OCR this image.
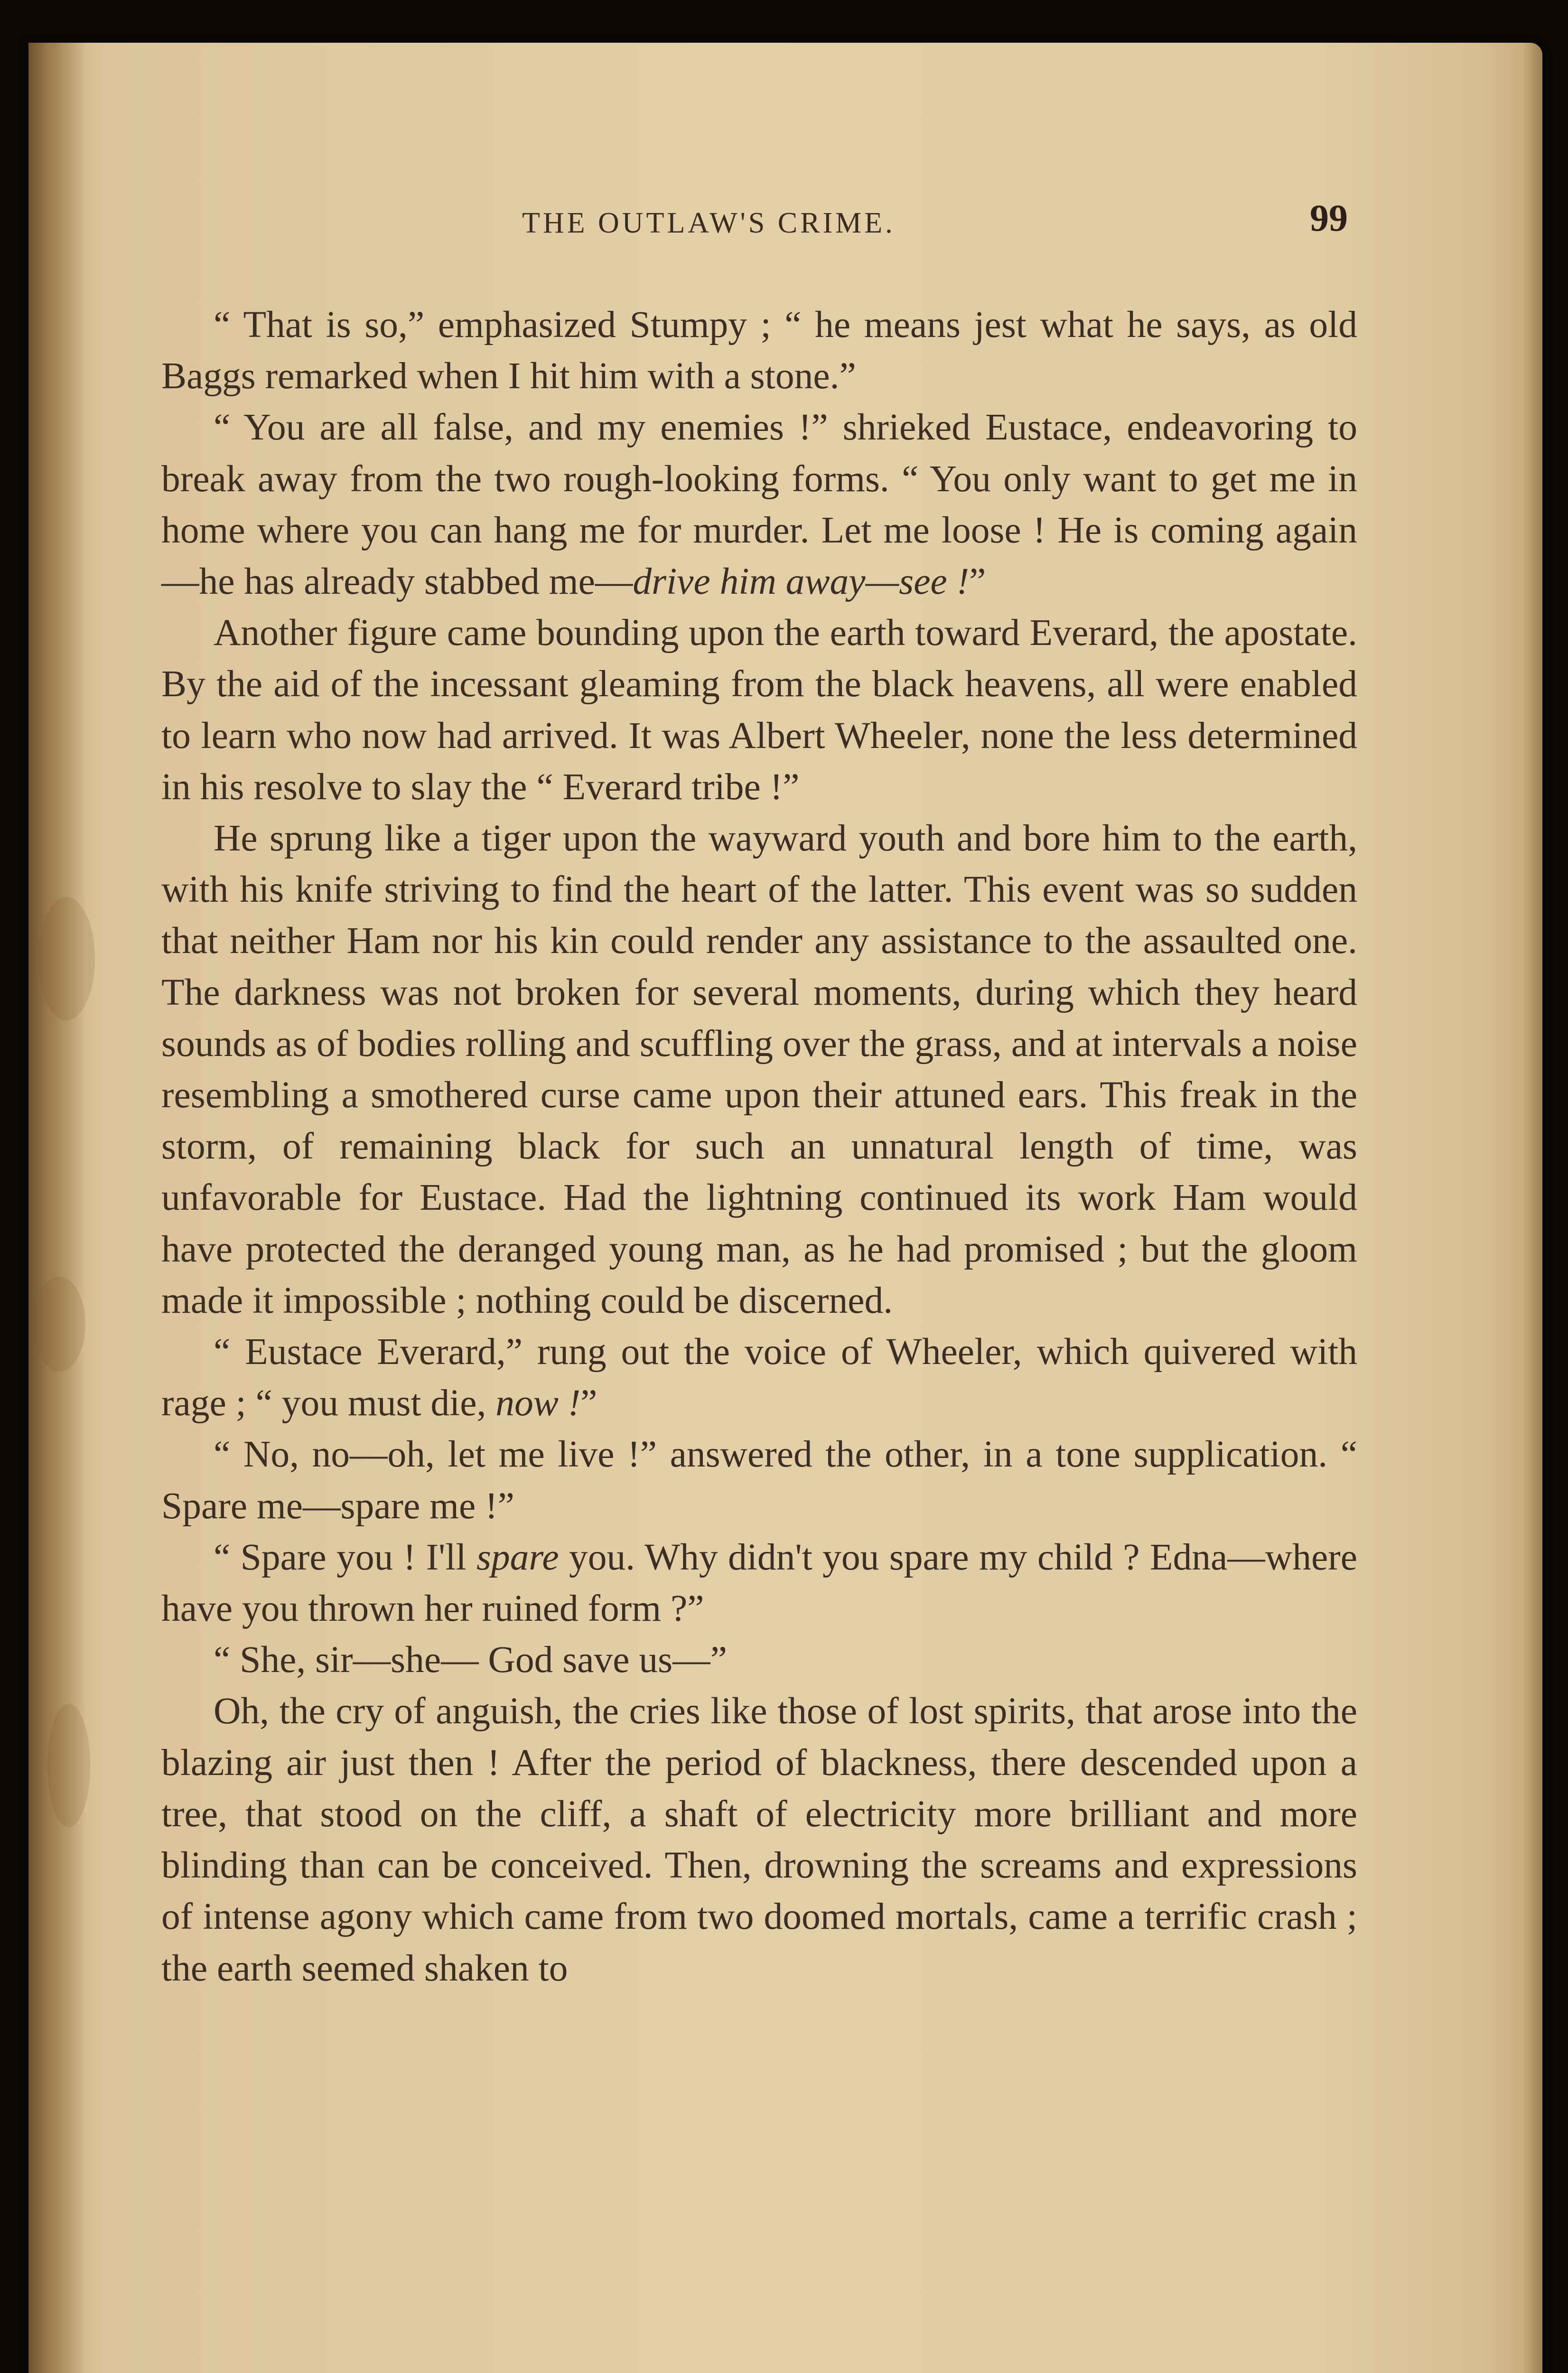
THE OUTLAW'S CRIME.	99

“ That is so,” emphasized Stumpy ; “ he means jest what he says, as old Baggs remarked when I hit him with a stone.”

“ You are all false, and my enemies !” shrieked Eustace, endeavoring to break away from the two rough-looking forms. “ You only want to get me in home where you can hang me for murder. Let me loose ! He is coming again—he has already stabbed me—drive him away—see !”

Another figure came bounding upon the earth toward Everard, the apostate. By the aid of the incessant gleaming from the black heavens, all were enabled to learn who now had arrived. It was Albert Wheeler, none the less determined in his resolve to slay the “ Everard tribe !”

He sprung like a tiger upon the wayward youth and bore him to the earth, with his knife striving to find the heart of the latter. This event was so sudden that neither Ham nor his kin could render any assistance to the assaulted one. The darkness was not broken for several moments, during which they heard sounds as of bodies rolling and scuffling over the grass, and at intervals a noise resembling a smothered curse came upon their attuned ears. This freak in the storm, of remaining black for such an unnatural length of time, was unfavorable for Eustace. Had the lightning continued its work Ham would have protected the deranged young man, as he had promised ; but the gloom made it impossible ; nothing could be discerned.

“ Eustace Everard,” rung out the voice of Wheeler, which quivered with rage ; “ you must die, now !”

“ No, no—oh, let me live !” answered the other, in a tone supplication. “ Spare me—spare me !”

“ Spare you ! I'll spare you. Why didn't you spare my child ? Edna—where have you thrown her ruined form ?”

“ She, sir—she— God save us—”

Oh, the cry of anguish, the cries like those of lost spirits, that arose into the blazing air just then ! After the period of blackness, there descended upon a tree, that stood on the cliff, a shaft of electricity more brilliant and more blinding than can be conceived. Then, drowning the screams and expressions of intense agony which came from two doomed mortals, came a terrific crash ; the earth seemed shaken to
